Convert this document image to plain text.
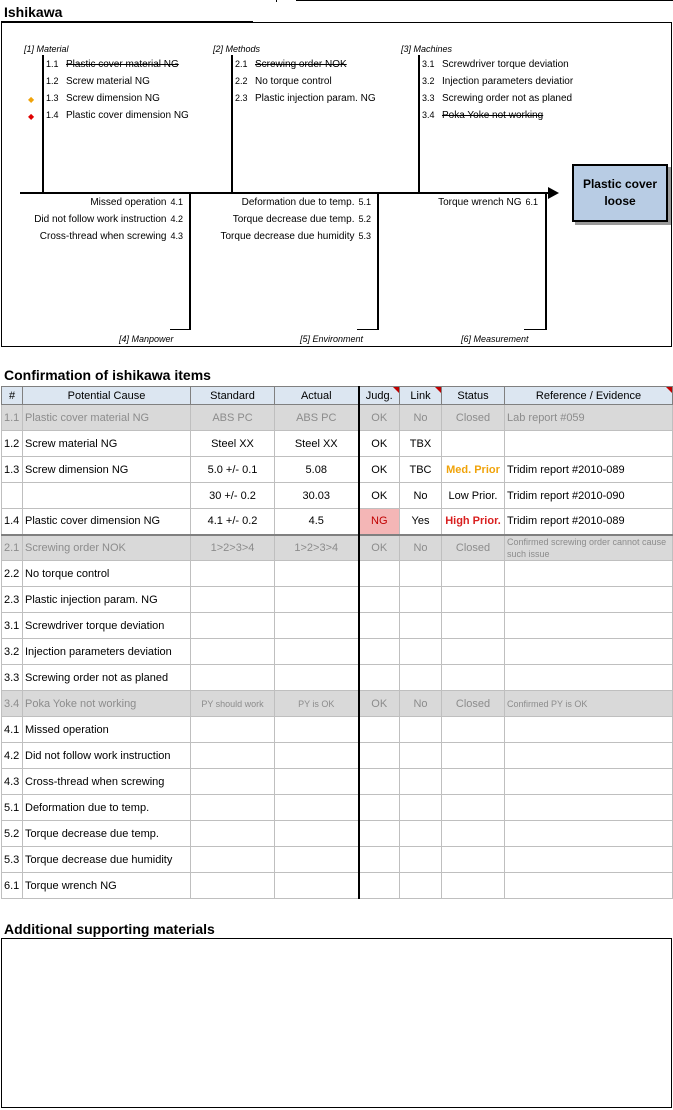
Ishikawa
[1] Material	[2] Methods	[3] Machines
[4] Manpower	[5] Environment	[6] Measurement
1.1 Plastic cover material NG
1.2 Screw material NG
◆ 1.3 Screw dimension NG
◆ 1.4 Plastic cover dimension NG
2.1 Screwing order NOK
2.2 No torque control
2.3 Plastic injection param. NG
3.1 Screwdriver torque deviation
3.2 Injection parameters deviatior
3.3 Screwing order not as planed
3.4 Poka Yoke not working
Missed operation 4.1
Did not follow work instruction 4.2
Cross-thread when screwing 4.3
Deformation due to temp. 5.1
Torque decrease due temp. 5.2
Torque decrease due humidity 5.3
Torque wrench NG 6.1
Plastic cover loose
Confirmation of ishikawa items
#	Potential Cause	Standard	Actual	Judg.	Link	Status	Reference / Evidence

1.1	Plastic cover material NG	ABS PC	ABS PC	OK	No	Closed	Lab report #059
1.2	Screw material NG	Steel XX	Steel XX	OK	TBX		
1.3	Screw dimension NG	5.0 +/- 0.1	5.08	OK	TBC	Med. Prior	Tridim report #2010-089
		30 +/- 0.2	30.03	OK	No	Low Prior.	Tridim report #2010-090
1.4	Plastic cover dimension NG	4.1 +/- 0.2	4.5	NG	Yes	High Prior.	Tridim report #2010-089
2.1	Screwing order NOK	1>2>3>4	1>2>3>4	OK	No	Closed	Confirmed screwing order cannot cause such issue
2.2	No torque control						
2.3	Plastic injection param. NG						
3.1	Screwdriver torque deviation						
3.2	Injection parameters deviation						
3.3	Screwing order not as planed						
3.4	Poka Yoke not working	PY should work	PY is OK	OK	No	Closed	Confirmed PY is OK
4.1	Missed operation						
4.2	Did not follow work instruction						
4.3	Cross-thread when screwing						
5.1	Deformation due to temp.						
5.2	Torque decrease due temp.						
5.3	Torque decrease due humidity						
6.1	Torque wrench NG						
Additional supporting materials
